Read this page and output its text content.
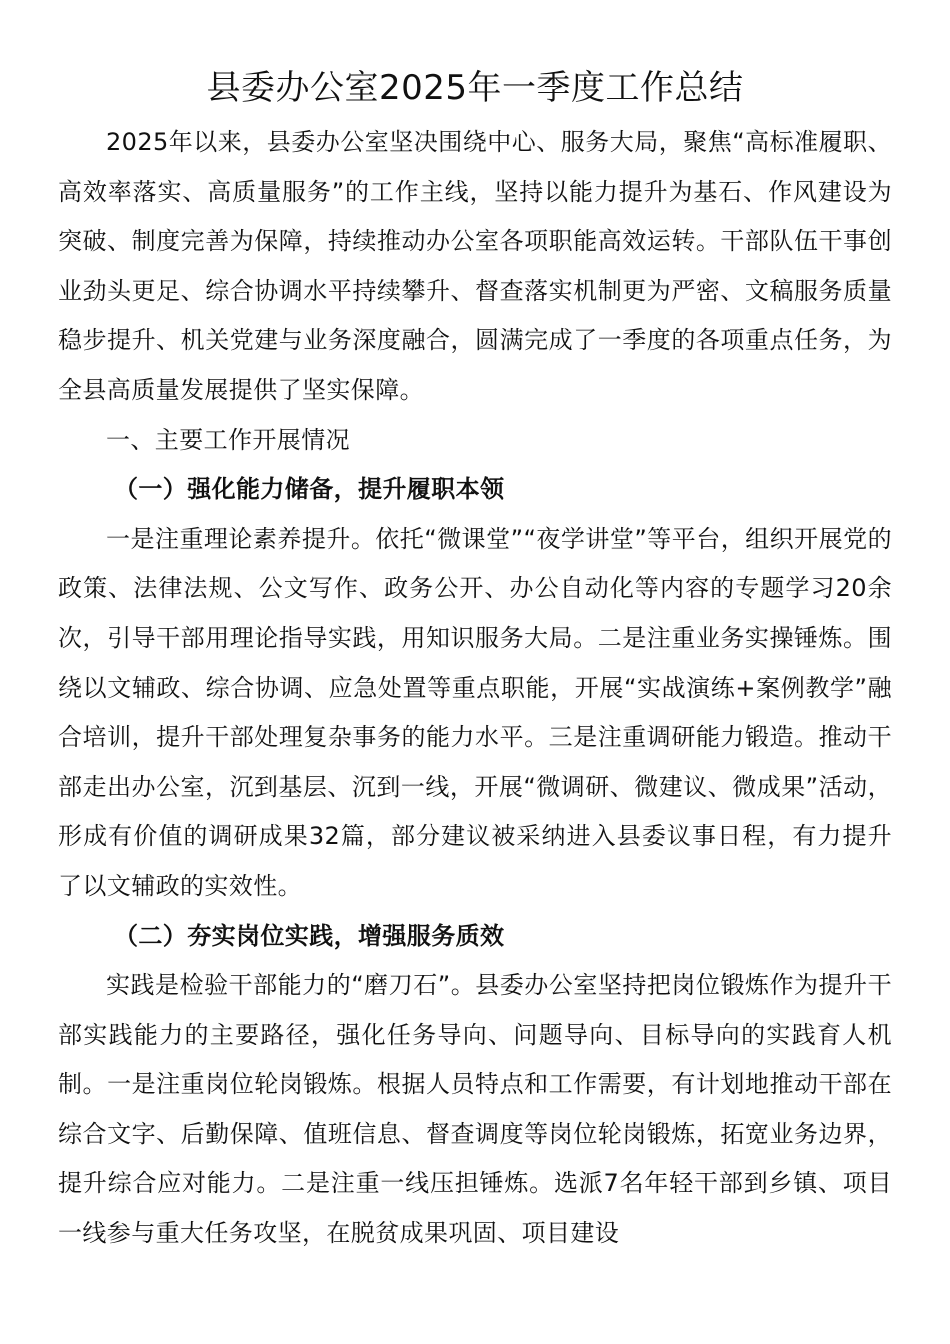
县委办公室2025年一季度工作总结

2025年以来，县委办公室坚决围绕中心、服务大局，聚焦“高标准履职、高效率落实、高质量服务”的工作主线，坚持以能力提升为基石、作风建设为突破、制度完善为保障，持续推动办公室各项职能高效运转。干部队伍干事创业劲头更足、综合协调水平持续攀升、督查落实机制更为严密、文稿服务质量稳步提升、机关党建与业务深度融合，圆满完成了一季度的各项重点任务，为全县高质量发展提供了坚实保障。

一、主要工作开展情况

（一）强化能力储备，提升履职本领

一是注重理论素养提升。依托“微课堂”“夜学讲堂”等平台，组织开展党的政策、法律法规、公文写作、政务公开、办公自动化等内容的专题学习20余次，引导干部用理论指导实践，用知识服务大局。二是注重业务实操锤炼。围绕以文辅政、综合协调、应急处置等重点职能，开展“实战演练+案例教学”融合培训，提升干部处理复杂事务的能力水平。三是注重调研能力锻造。推动干部走出办公室，沉到基层、沉到一线，开展“微调研、微建议、微成果”活动，形成有价值的调研成果32篇，部分建议被采纳进入县委议事日程，有力提升了以文辅政的实效性。

（二）夯实岗位实践，增强服务质效

实践是检验干部能力的“磨刀石”。县委办公室坚持把岗位锻炼作为提升干部实践能力的主要路径，强化任务导向、问题导向、目标导向的实践育人机制。一是注重岗位轮岗锻炼。根据人员特点和工作需要，有计划地推动干部在综合文字、后勤保障、值班信息、督查调度等岗位轮岗锻炼，拓宽业务边界，提升综合应对能力。二是注重一线压担锤炼。选派7名年轻干部到乡镇、项目一线参与重大任务攻坚，在脱贫成果巩固、项目建设
